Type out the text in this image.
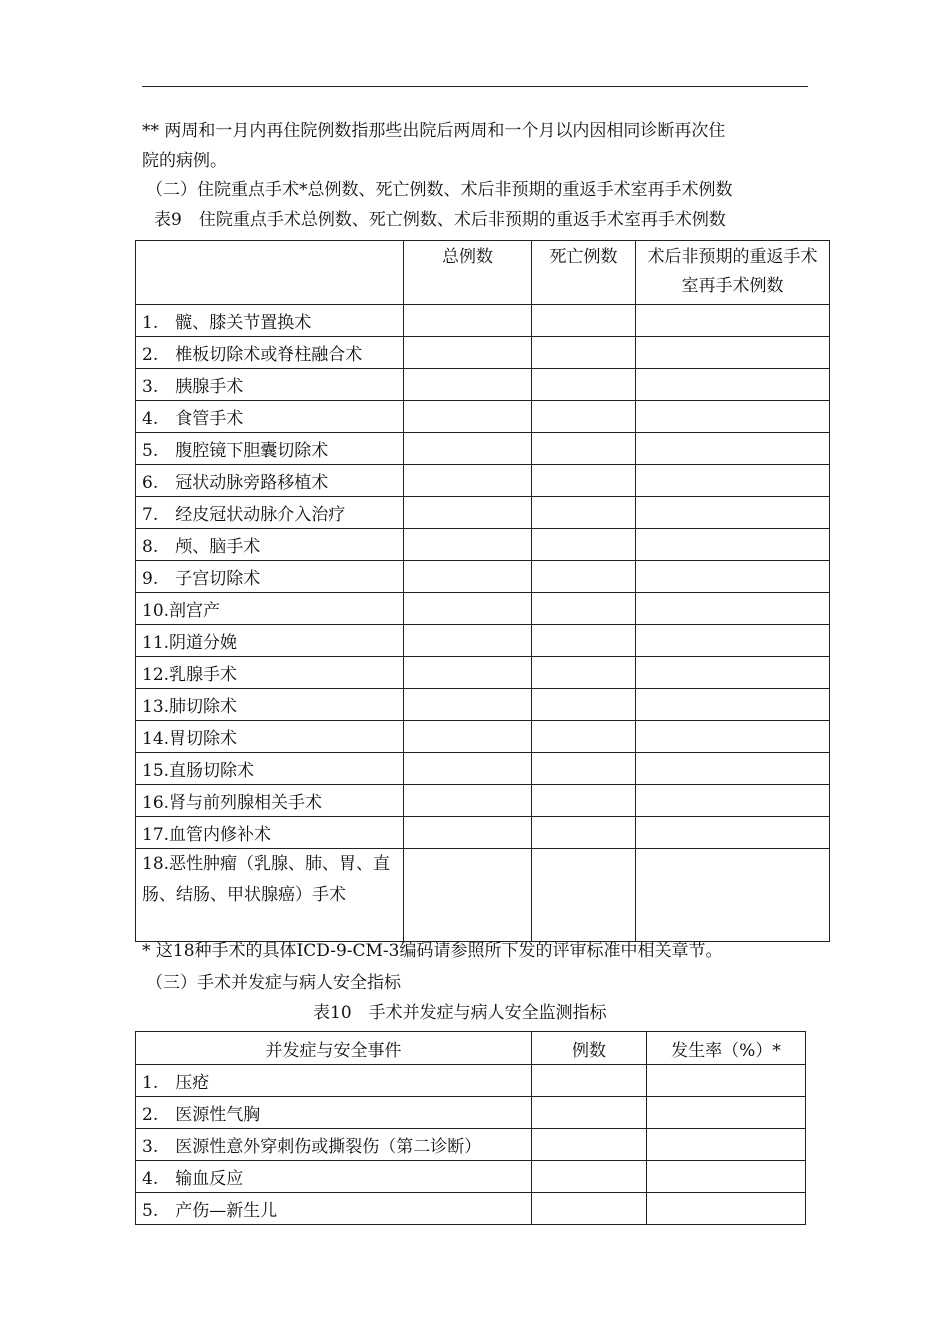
** 两周和一月内再住院例数指那些出院后两周和一个月以内因相同诊断再次住
院的病例。
（二）住院重点手术*总例数、死亡例数、术后非预期的重返手术室再手术例数
表9　住院重点手术总例数、死亡例数、术后非预期的重返手术室再手术例数
	总例数	死亡例数	术后非预期的重返手术室再手术例数
1.　髋、膝关节置换术			
2.　椎板切除术或脊柱融合术			
3.　胰腺手术			
4.　食管手术			
5.　腹腔镜下胆囊切除术			
6.　冠状动脉旁路移植术			
7.　经皮冠状动脉介入治疗			
8.　颅、脑手术			
9.　子宫切除术			
10.剖宫产			
11.阴道分娩			
12.乳腺手术			
13.肺切除术			
14.胃切除术			
15.直肠切除术			
16.肾与前列腺相关手术			
17.血管内修补术			
18.恶性肿瘤（乳腺、肺、胃、直肠、结肠、甲状腺癌）手术			
* 这18种手术的具体ICD-9-CM-3编码请参照所下发的评审标准中相关章节。
（三）手术并发症与病人安全指标
表10　手术并发症与病人安全监测指标
并发症与安全事件	例数	发生率（%）*
1.　压疮		
2.　医源性气胸		
3.　医源性意外穿刺伤或撕裂伤（第二诊断）		
4.　输血反应		
5.　产伤—新生儿		
